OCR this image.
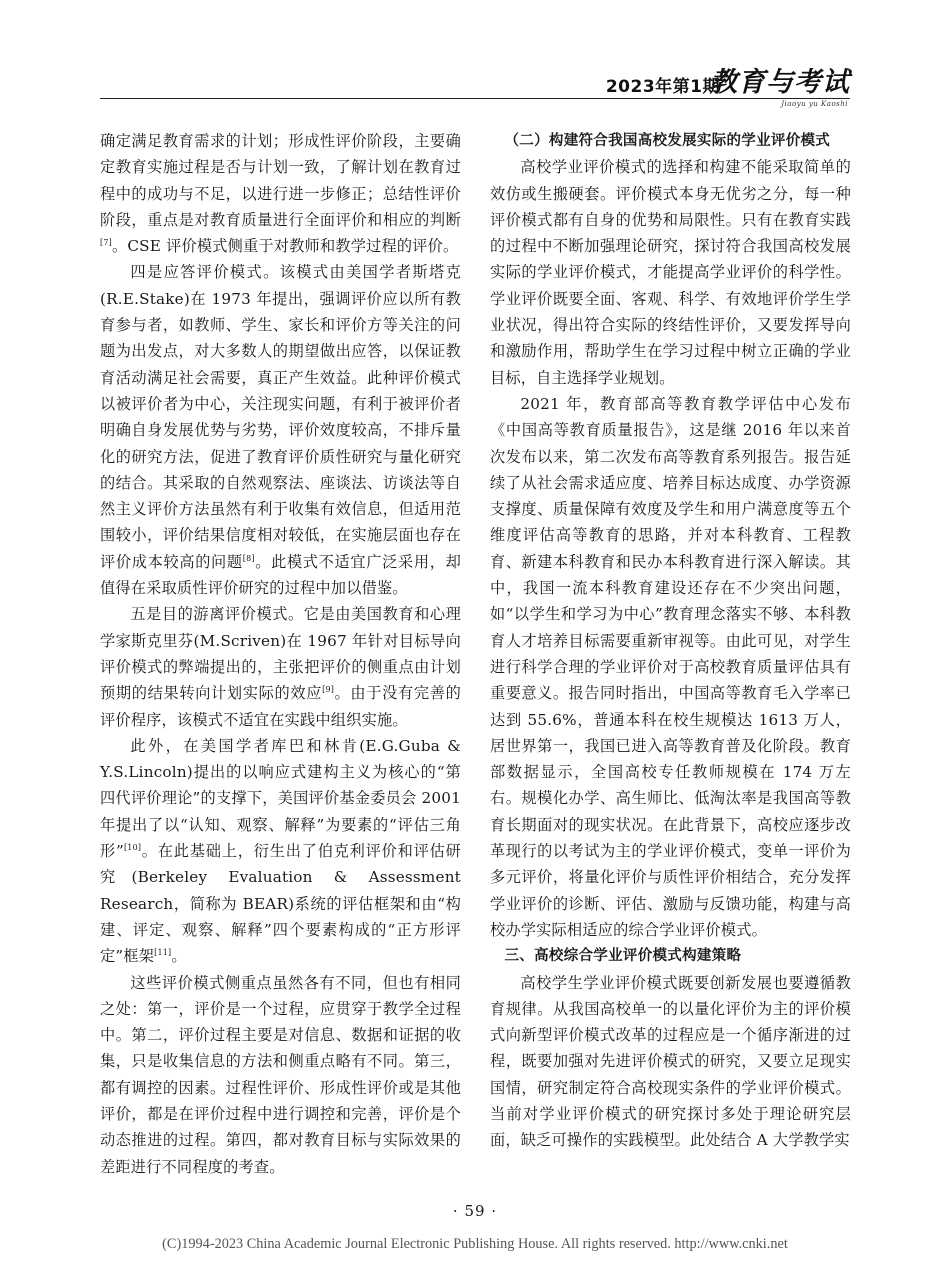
2023年第1期
教育与考试
Jiaoyu yu Kaoshi

确定满足教育需求的计划；形成性评价阶段，主要确定教育实施过程是否与计划一致，了解计划在教育过程中的成功与不足，以进行进一步修正；总结性评价阶段，重点是对教育质量进行全面评价和相应的判断[7]。CSE 评价模式侧重于对教师和教学过程的评价。

四是应答评价模式。该模式由美国学者斯塔克(R.E.Stake)在 1973 年提出，强调评价应以所有教育参与者，如教师、学生、家长和评价方等关注的问题为出发点，对大多数人的期望做出应答，以保证教育活动满足社会需要，真正产生效益。此种评价模式以被评价者为中心，关注现实问题，有利于被评价者明确自身发展优势与劣势，评价效度较高，不排斥量化的研究方法，促进了教育评价质性研究与量化研究的结合。其采取的自然观察法、座谈法、访谈法等自然主义评价方法虽然有利于收集有效信息，但适用范围较小，评价结果信度相对较低，在实施层面也存在评价成本较高的问题[8]。此模式不适宜广泛采用，却值得在采取质性评价研究的过程中加以借鉴。

五是目的游离评价模式。它是由美国教育和心理学家斯克里芬(M.Scriven)在 1967 年针对目标导向评价模式的弊端提出的，主张把评价的侧重点由计划预期的结果转向计划实际的效应[9]。由于没有完善的评价程序，该模式不适宜在实践中组织实施。

此外，在美国学者库巴和林肯(E.G.Guba & Y.S.Lincoln)提出的以响应式建构主义为核心的“第四代评价理论”的支撑下，美国评价基金委员会 2001 年提出了以“认知、观察、解释”为要素的“评估三角形”[10]。在此基础上，衍生出了伯克利评价和评估研究(Berkeley Evaluation & Assessment Research，简称为 BEAR)系统的评估框架和由“构建、评定、观察、解释”四个要素构成的“正方形评定”框架[11]。

这些评价模式侧重点虽然各有不同，但也有相同之处：第一，评价是一个过程，应贯穿于教学全过程中。第二，评价过程主要是对信息、数据和证据的收集，只是收集信息的方法和侧重点略有不同。第三，都有调控的因素。过程性评价、形成性评价或是其他评价，都是在评价过程中进行调控和完善，评价是个动态推进的过程。第四，都对教育目标与实际效果的差距进行不同程度的考查。

（二）构建符合我国高校发展实际的学业评价模式

高校学业评价模式的选择和构建不能采取简单的效仿或生搬硬套。评价模式本身无优劣之分，每一种评价模式都有自身的优势和局限性。只有在教育实践的过程中不断加强理论研究，探讨符合我国高校发展实际的学业评价模式，才能提高学业评价的科学性。学业评价既要全面、客观、科学、有效地评价学生学业状况，得出符合实际的终结性评价，又要发挥导向和激励作用，帮助学生在学习过程中树立正确的学业目标，自主选择学业规划。

2021 年，教育部高等教育教学评估中心发布《中国高等教育质量报告》，这是继 2016 年以来首次发布以来，第二次发布高等教育系列报告。报告延续了从社会需求适应度、培养目标达成度、办学资源支撑度、质量保障有效度及学生和用户满意度等五个维度评估高等教育的思路，并对本科教育、工程教育、新建本科教育和民办本科教育进行深入解读。其中，我国一流本科教育建设还存在不少突出问题，如“以学生和学习为中心”教育理念落实不够、本科教育人才培养目标需要重新审视等。由此可见，对学生进行科学合理的学业评价对于高校教育质量评估具有重要意义。报告同时指出，中国高等教育毛入学率已达到 55.6%，普通本科在校生规模达 1613 万人，居世界第一，我国已进入高等教育普及化阶段。教育部数据显示，全国高校专任教师规模在 174 万左右。规模化办学、高生师比、低淘汰率是我国高等教育长期面对的现实状况。在此背景下，高校应逐步改革现行的以考试为主的学业评价模式，变单一评价为多元评价，将量化评价与质性评价相结合，充分发挥学业评价的诊断、评估、激励与反馈功能，构建与高校办学实际相适应的综合学业评价模式。

三、高校综合学业评价模式构建策略

高校学生学业评价模式既要创新发展也要遵循教育规律。从我国高校单一的以量化评价为主的评价模式向新型评价模式改革的过程应是一个循序渐进的过程，既要加强对先进评价模式的研究，又要立足现实国情，研究制定符合高校现实条件的学业评价模式。当前对学业评价模式的研究探讨多处于理论研究层面，缺乏可操作的实践模型。此处结合 A 大学教学实

· 59 ·
(C)1994-2023 China Academic Journal Electronic Publishing House. All rights reserved. http://www.cnki.net
